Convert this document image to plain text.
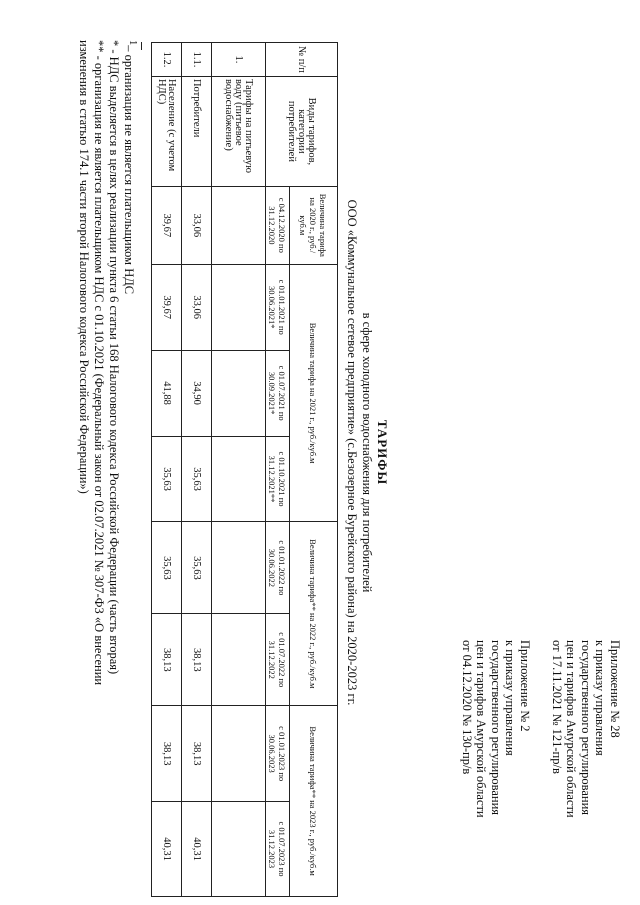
Приложение № 28
к приказу управления
государственного регулирования
цен и тарифов Амурской области
от 17.11.2021 № 121-пр/в
Приложение № 2
к приказу управления
государственного регулирования
цен и тарифов Амурской области
от 04.12.2020 № 130-пр/в
ТАРИФЫ
в сфере холодного водоснабжения для потребителей
ООО «Коммунальное сетевое предприятие» (с.Безозерное Бурейского района) на 2020-2023 гг.
№ п/п	Виды тарифов, категории потребителей	Величина тарифа на 2020 г., руб./куб.м	Величина тарифа на 2021 г., руб./куб.м			Величина тарифа** на 2022 г., руб./куб.м		Величина тарифа** на 2023 г., руб./куб.м	
		с 04.12.2020 по 31.12.2020	с 01.01.2021 по 30.06.2021*	с 01.07.2021 по 30.09.2021*	с 01.10.2021 по 31.12.2021**	с 01.01.2022 по 30.06.2022	с 01.07.2022 по 31.12.2022	с 01.01.2023 по 30.06.2023	с 01.07.2023 по 31.12.2023
1.	Тарифы на питьевую воду (питьевое водоснабжение)								
1.1.	Потребители	33,06	33,06	34,90	35,63	35,63	38,13	38,13	40,31
1.2.	Население (с учетом НДС)	39,67	39,67	41,88	35,63	35,63	38,13	38,13	40,31
$^1$– организация не является плательщиком НДС
* - НДС выделяется в целях реализации пункта 6 статьи 168 Налогового кодекса Российской Федерации (часть вторая)
** - организация не является плательщиком НДС с 01.10.2021 (Федеральный закон от 02.07.2021 № 307-ФЗ «О внесении
изменения в статью 174.1 части второй Налогового кодекса Российской Федерации»)
